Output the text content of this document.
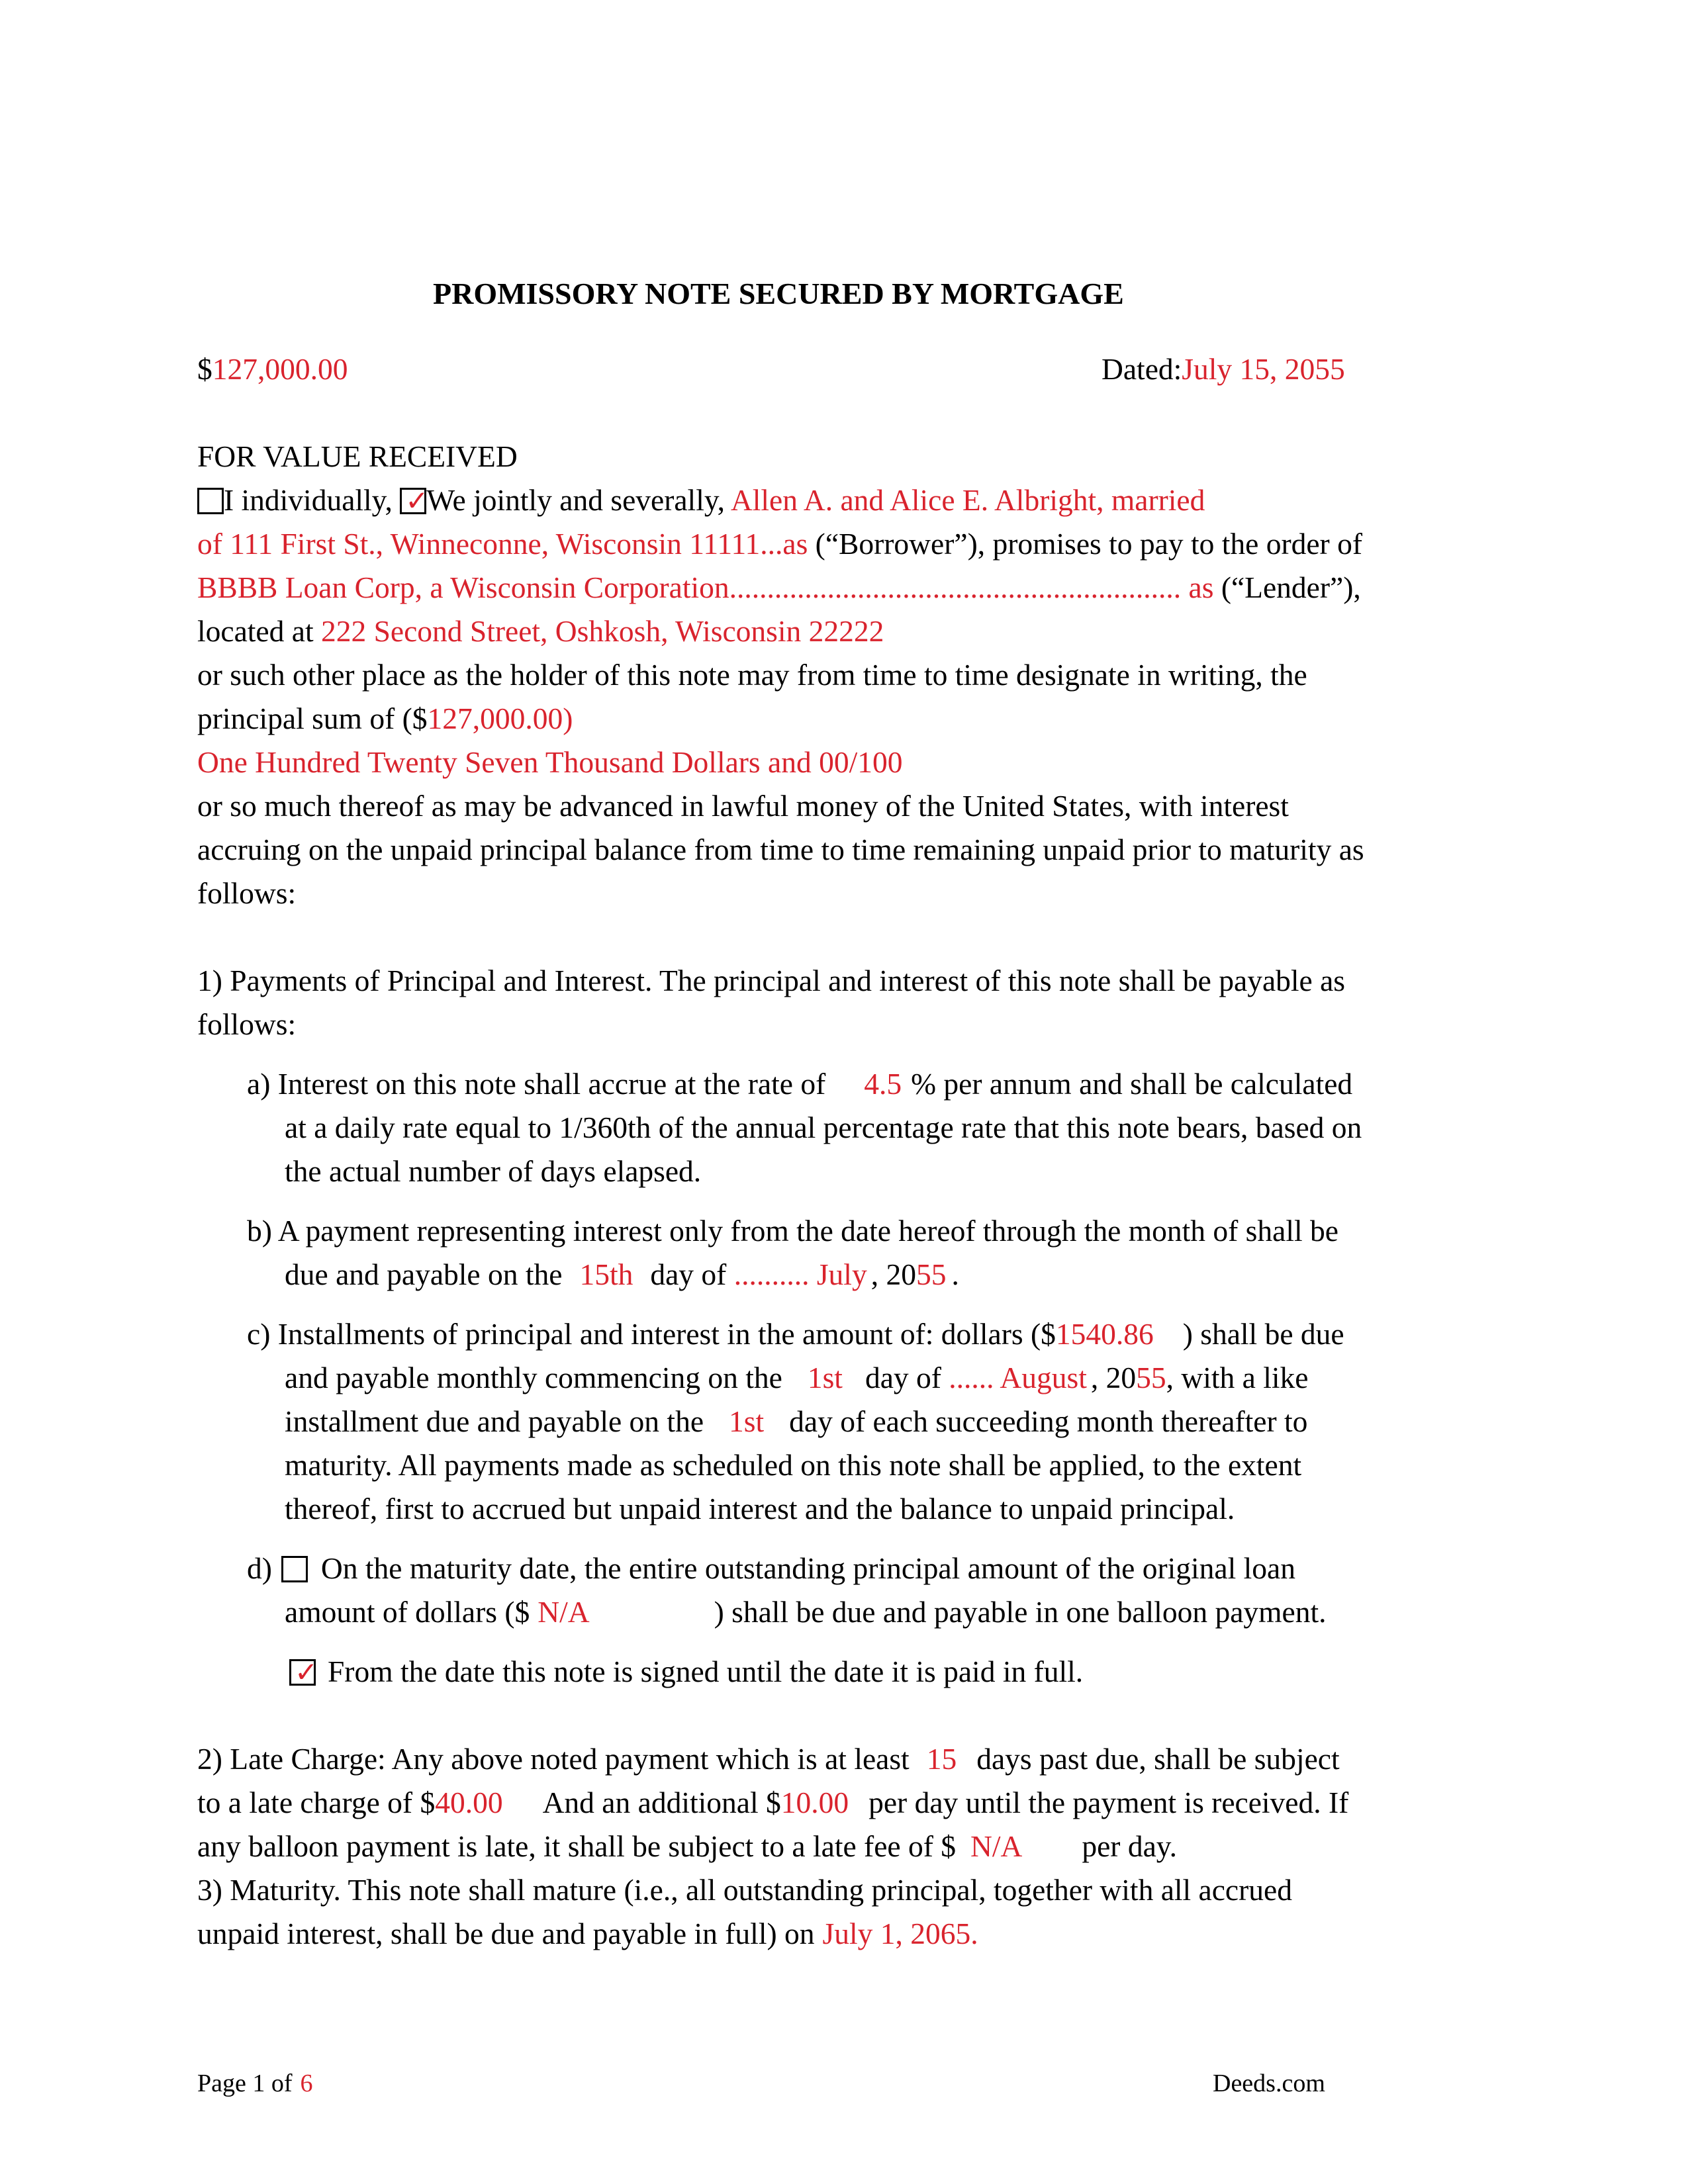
PROMISSORY NOTE SECURED BY MORTGAGE
$127,000.00	Dated:July 15, 2055
FOR VALUE RECEIVED
I individually, ✓
We jointly and severally, Allen A. and Alice E. Albright, married
of 111 First St., Winneconne, Wisconsin 11111...as (“Borrower”), promises to pay to the order of
BBBB Loan Corp, a Wisconsin Corporation............................................................ as (“Lender”),
located at 222 Second Street, Oshkosh, Wisconsin 22222
or such other place as the holder of this note may from time to time designate in writing, the
principal sum of ($127,000.00)
One Hundred Twenty Seven Thousand Dollars and 00/100
or so much thereof as may be advanced in lawful money of the United States, with interest
accruing on the unpaid principal balance from time to time remaining unpaid prior to maturity as
follows:
1) Payments of Principal and Interest. The principal and interest of this note shall be payable as
follows:
a) Interest on this note shall accrue at the rate of 4.5 % per annum and shall be calculated
at a daily rate equal to 1/360th of the annual percentage rate that this note bears, based on
the actual number of days elapsed.
b) A payment representing interest only from the date hereof through the month of shall be
due and payable on the 15th day of .......... July , 2055 .
c) Installments of principal and interest in the amount of: dollars ($1540.86 ) shall be due
and payable monthly commencing on the 1st day of ...... August , 2055, with a like
installment due and payable on the 1st day of each succeeding month thereafter to
maturity. All payments made as scheduled on this note shall be applied, to the extent
thereof, first to accrued but unpaid interest and the balance to unpaid principal.
d) On the maturity date, the entire outstanding principal amount of the original loan
amount of dollars ($ N/A	) shall be due and payable in one balloon payment.
✓ From the date this note is signed until the date it is paid in full.
2) Late Charge: Any above noted payment which is at least 15 days past due, shall be subject
to a late charge of $40.00 And an additional $10.00 per day until the payment is received. If
any balloon payment is late, it shall be subject to a late fee of $ N/A per day.
3) Maturity. This note shall mature (i.e., all outstanding principal, together with all accrued
unpaid interest, shall be due and payable in full) on July 1, 2065.
Page 1 of 6	Deeds.com
